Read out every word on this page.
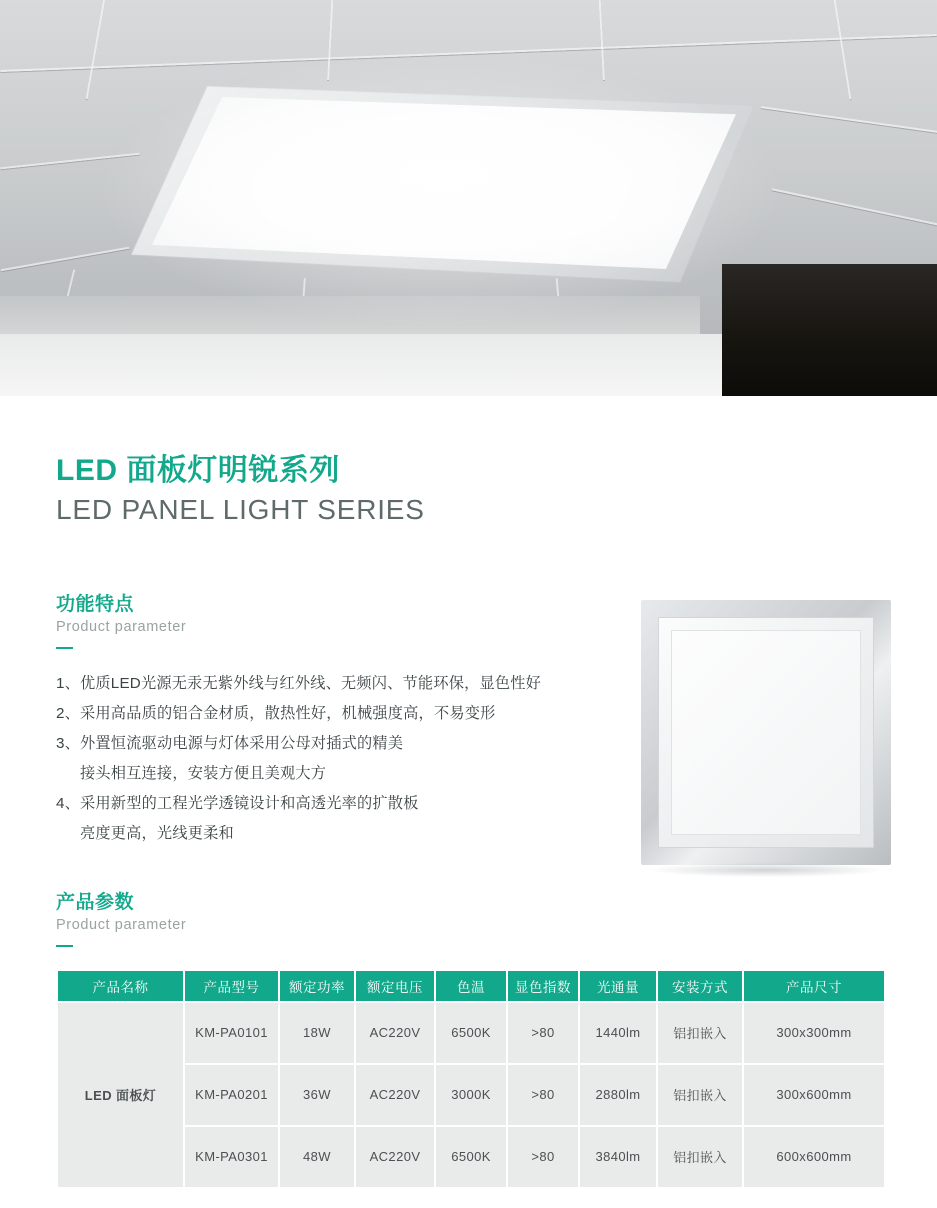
LED 面板灯明锐系列
LED PANEL LIGHT SERIES
功能特点
Product parameter
1、优质LED光源无汞无紫外线与红外线、无频闪、节能环保，显色性好
2、采用高品质的铝合金材质，散热性好，机械强度高，不易变形
3、外置恒流驱动电源与灯体采用公母对插式的精美
接头相互连接，安装方便且美观大方
4、采用新型的工程光学透镜设计和高透光率的扩散板
亮度更高，光线更柔和
产品参数
Product parameter
产品名称	产品型号	额定功率	额定电压	色温	显色指数	光通量	安装方式	产品尺寸
LED 面板灯	KM-PA0101	18W	AC220V	6500K	>80	1440lm	铝扣嵌入	300x300mm
	KM-PA0201	36W	AC220V	3000K	>80	2880lm	铝扣嵌入	300x600mm
	KM-PA0301	48W	AC220V	6500K	>80	3840lm	铝扣嵌入	600x600mm
